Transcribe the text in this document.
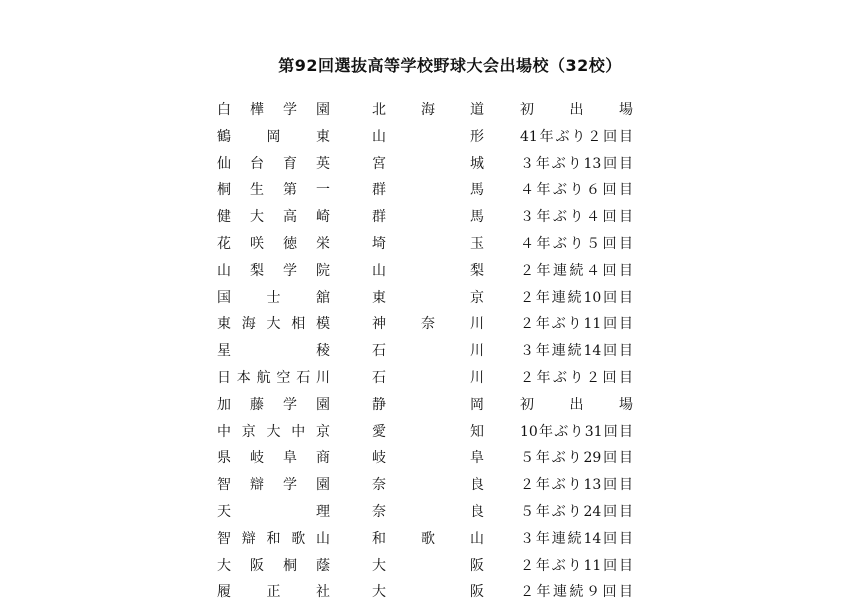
第92回選抜高等学校野球大会出場校（32校）
白樺学園	北海道	初出場
鶴岡東	山形	41年ぶり２回目
仙台育英	宮城	３年ぶり13回目
桐生第一	群馬	４年ぶり６回目
健大高崎	群馬	３年ぶり４回目
花咲徳栄	埼玉	４年ぶり５回目
山梨学院	山梨	２年連続４回目
国士舘	東京	２年連続10回目
東海大相模	神奈川	２年ぶり11回目
星稜	石川	３年連続14回目
日本航空石川	石川	２年ぶり２回目
加藤学園	静岡	初出場
中京大中京	愛知	10年ぶり31回目
県岐阜商	岐阜	５年ぶり29回目
智辯学園	奈良	２年ぶり13回目
天理	奈良	５年ぶり24回目
智辯和歌山	和歌山	３年連続14回目
大阪桐蔭	大阪	２年ぶり11回目
履正社	大阪	２年連続９回目
